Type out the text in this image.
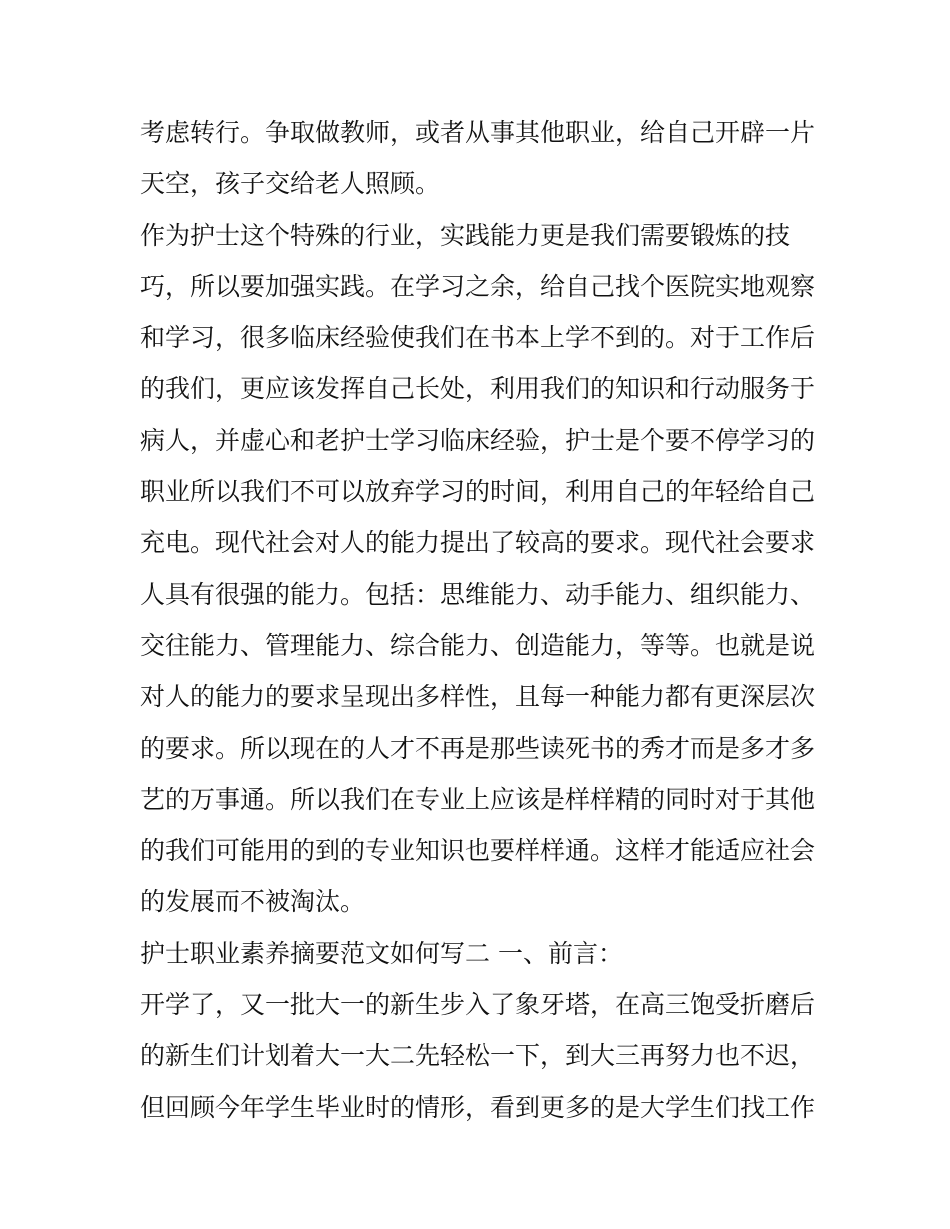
考虑转行。争取做教师，或者从事其他职业，给自己开辟一片
天空，孩子交给老人照顾。
作为护士这个特殊的行业，实践能力更是我们需要锻炼的技
巧，所以要加强实践。在学习之余，给自己找个医院实地观察
和学习，很多临床经验使我们在书本上学不到的。对于工作后
的我们，更应该发挥自己长处，利用我们的知识和行动服务于
病人，并虚心和老护士学习临床经验，护士是个要不停学习的
职业所以我们不可以放弃学习的时间，利用自己的年轻给自己
充电。现代社会对人的能力提出了较高的要求。现代社会要求
人具有很强的能力。包括：思维能力、动手能力、组织能力、
交往能力、管理能力、综合能力、创造能力，等等。也就是说
对人的能力的要求呈现出多样性，且每一种能力都有更深层次
的要求。所以现在的人才不再是那些读死书的秀才而是多才多
艺的万事通。所以我们在专业上应该是样样精的同时对于其他
的我们可能用的到的专业知识也要样样通。这样才能适应社会
的发展而不被淘汰。
护士职业素养摘要范文如何写二 一、前言：
开学了，又一批大一的新生步入了象牙塔，在高三饱受折磨后
的新生们计划着大一大二先轻松一下，到大三再努力也不迟，
但回顾今年学生毕业时的情形，看到更多的是大学生们找工作
